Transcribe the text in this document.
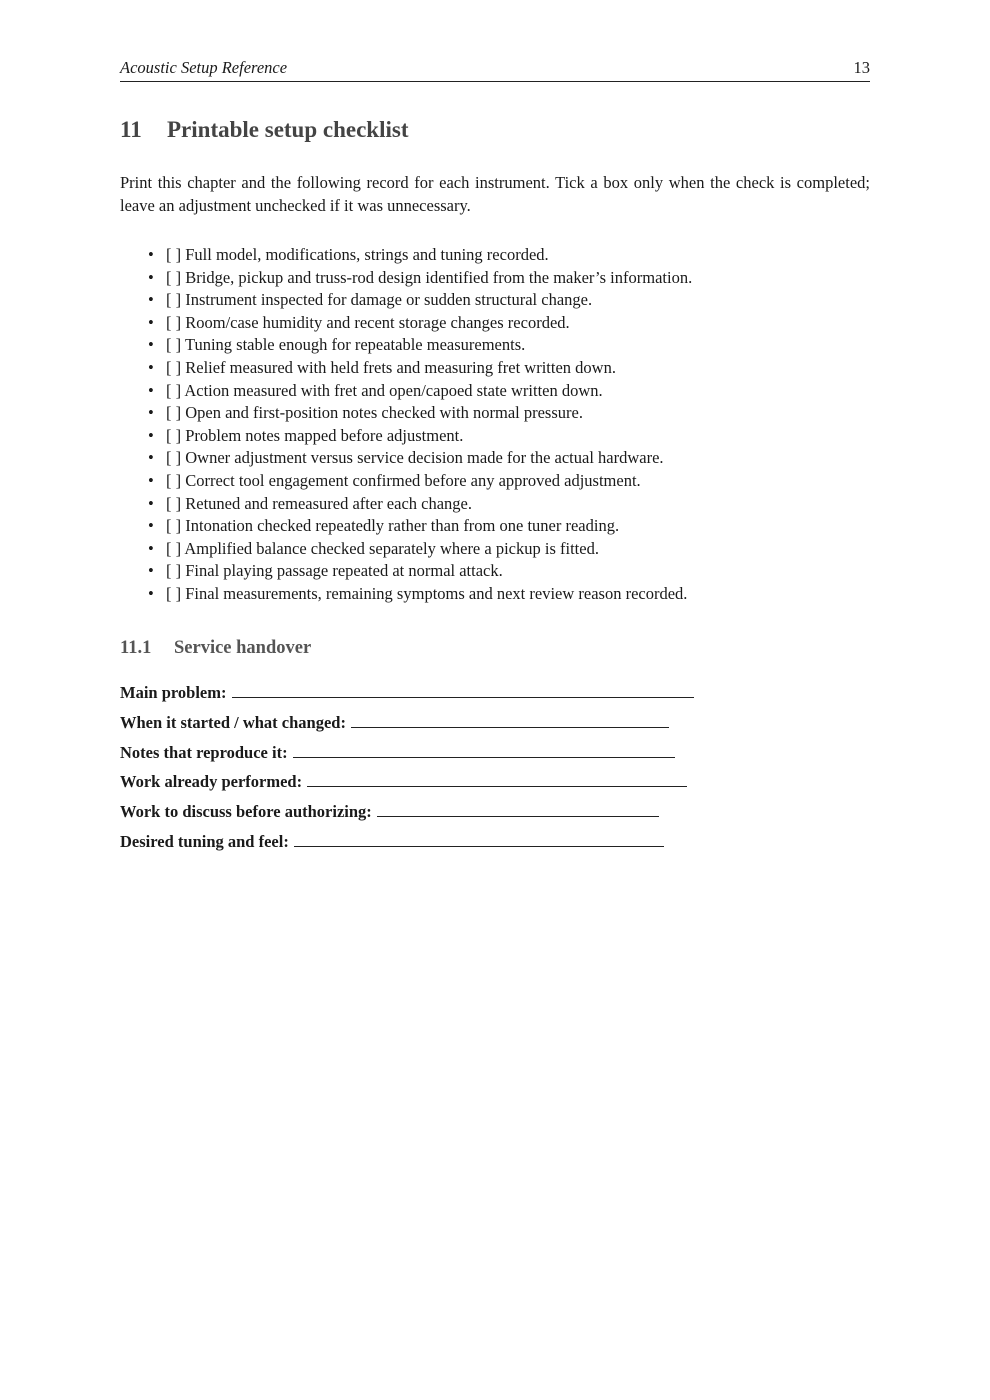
Acoustic Setup Reference	13
11 Printable setup checklist

Print this chapter and the following record for each instrument. Tick a box only when the check is completed; leave an adjustment unchecked if it was unnecessary.

• [ ] Full model, modifications, strings and tuning recorded.
• [ ] Bridge, pickup and truss-rod design identified from the maker’s information.
• [ ] Instrument inspected for damage or sudden structural change.
• [ ] Room/case humidity and recent storage changes recorded.
• [ ] Tuning stable enough for repeatable measurements.
• [ ] Relief measured with held frets and measuring fret written down.
• [ ] Action measured with fret and open/capoed state written down.
• [ ] Open and first-position notes checked with normal pressure.
• [ ] Problem notes mapped before adjustment.
• [ ] Owner adjustment versus service decision made for the actual hardware.
• [ ] Correct tool engagement confirmed before any approved adjustment.
• [ ] Retuned and remeasured after each change.
• [ ] Intonation checked repeatedly rather than from one tuner reading.
• [ ] Amplified balance checked separately where a pickup is fitted.
• [ ] Final playing passage repeated at normal attack.
• [ ] Final measurements, remaining symptoms and next review reason recorded.
11.1 Service handover
Main problem:
When it started / what changed:
Notes that reproduce it:
Work already performed:
Work to discuss before authorizing:
Desired tuning and feel:
